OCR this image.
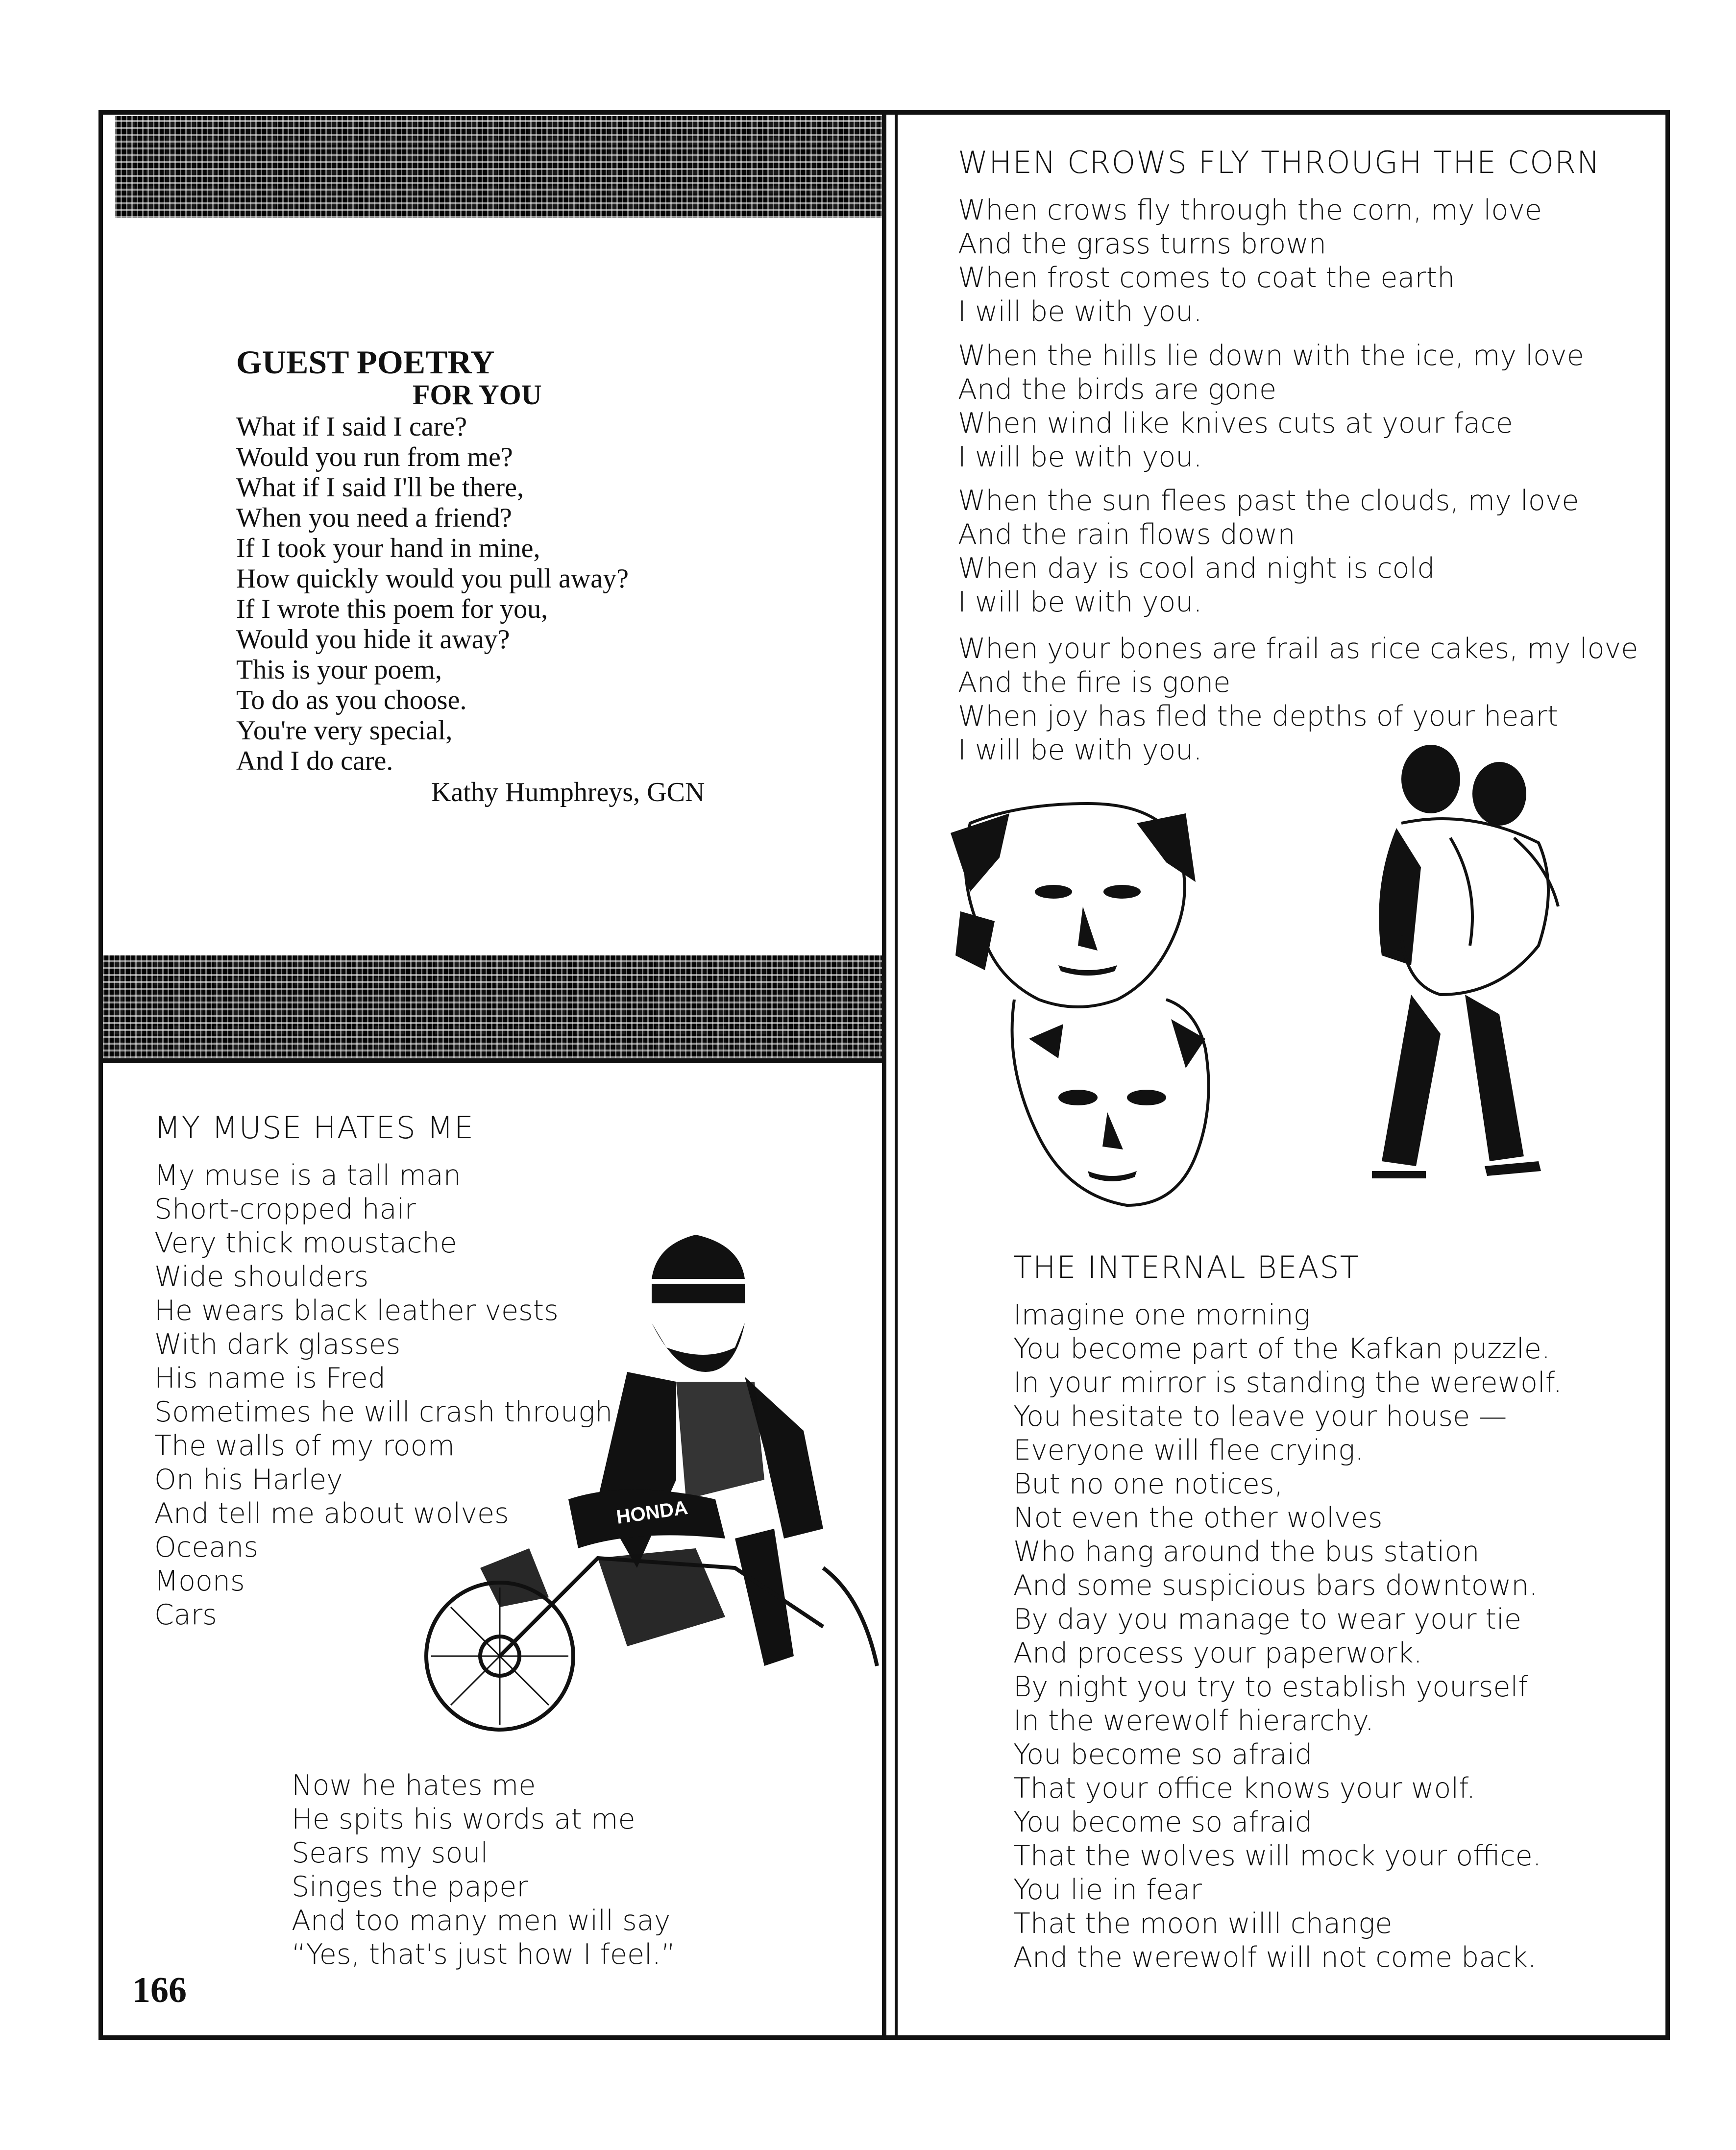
GUEST POETRY
FOR YOU
What if I said I care?
Would you run from me?
What if I said I'll be there,
When you need a friend?
If I took your hand in mine,
How quickly would you pull away?
If I wrote this poem for you,
Would you hide it away?
This is your poem,
To do as you choose.
You're very special,
And I do care.
Kathy Humphreys, GCN
WHEN CROWS FLY THROUGH THE CORN
When crows fly through the corn, my love
And the grass turns brown
When frost comes to coat the earth
I will be with you.
When the hills lie down with the ice, my love
And the birds are gone
When wind like knives cuts at your face
I will be with you.
When the sun flees past the clouds, my love
And the rain flows down
When day is cool and night is cold
I will be with you.
When your bones are frail as rice cakes, my love
And the fire is gone
When joy has fled the depths of your heart
I will be with you.
MY MUSE HATES ME
My muse is a tall man
Short-cropped hair
Very thick moustache
Wide shoulders
He wears black leather vests
With dark glasses
His name is Fred
Sometimes he will crash through
The walls of my room
On his Harley
And tell me about wolves
Oceans
Moons
Cars
HONDA
Now he hates me
He spits his words at me
Sears my soul
Singes the paper
And too many men will say
“Yes, that's just how I feel.”
THE INTERNAL BEAST
Imagine one morning
You become part of the Kafkan puzzle.
In your mirror is standing the werewolf.
You hesitate to leave your house —
Everyone will flee crying.
But no one notices,
Not even the other wolves
Who hang around the bus station
And some suspicious bars downtown.
By day you manage to wear your tie
And process your paperwork.
By night you try to establish yourself
In the werewolf hierarchy.
You become so afraid
That your office knows your wolf.
You become so afraid
That the wolves will mock your office.
You lie in fear
That the moon willl change
And the werewolf will not come back.
166
